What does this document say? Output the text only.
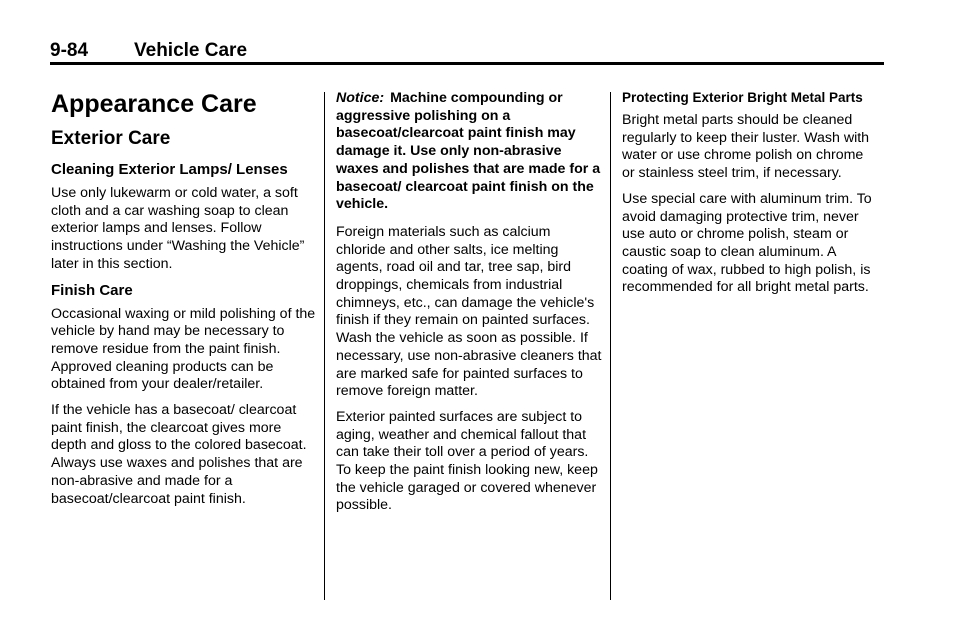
9-84 Vehicle Care
Appearance Care
Exterior Care
Cleaning Exterior Lamps/ Lenses

Use only lukewarm or cold water, a soft cloth and a car washing soap to clean exterior lamps and lenses. Follow instructions under “Washing the Vehicle” later in this section.

Finish Care

Occasional waxing or mild polishing of the vehicle by hand may be necessary to remove residue from the paint finish. Approved cleaning products can be obtained from your dealer/retailer.

If the vehicle has a basecoat/ clearcoat paint finish, the clearcoat gives more depth and gloss to the colored basecoat. Always use waxes and polishes that are non-abrasive and made for a basecoat/clearcoat paint finish.

Notice: Machine compounding or aggressive polishing on a basecoat/clearcoat paint finish may damage it. Use only non-abrasive waxes and polishes that are made for a basecoat/ clearcoat paint finish on the vehicle.

Foreign materials such as calcium chloride and other salts, ice melting agents, road oil and tar, tree sap, bird droppings, chemicals from industrial chimneys, etc., can damage the vehicle's finish if they remain on painted surfaces. Wash the vehicle as soon as possible. If necessary, use non-abrasive cleaners that are marked safe for painted surfaces to remove foreign matter.

Exterior painted surfaces are subject to aging, weather and chemical fallout that can take their toll over a period of years. To keep the paint finish looking new, keep the vehicle garaged or covered whenever possible.

Protecting Exterior Bright Metal Parts

Bright metal parts should be cleaned regularly to keep their luster. Wash with water or use chrome polish on chrome or stainless steel trim, if necessary.

Use special care with aluminum trim. To avoid damaging protective trim, never use auto or chrome polish, steam or caustic soap to clean aluminum. A coating of wax, rubbed to high polish, is recommended for all bright metal parts.
